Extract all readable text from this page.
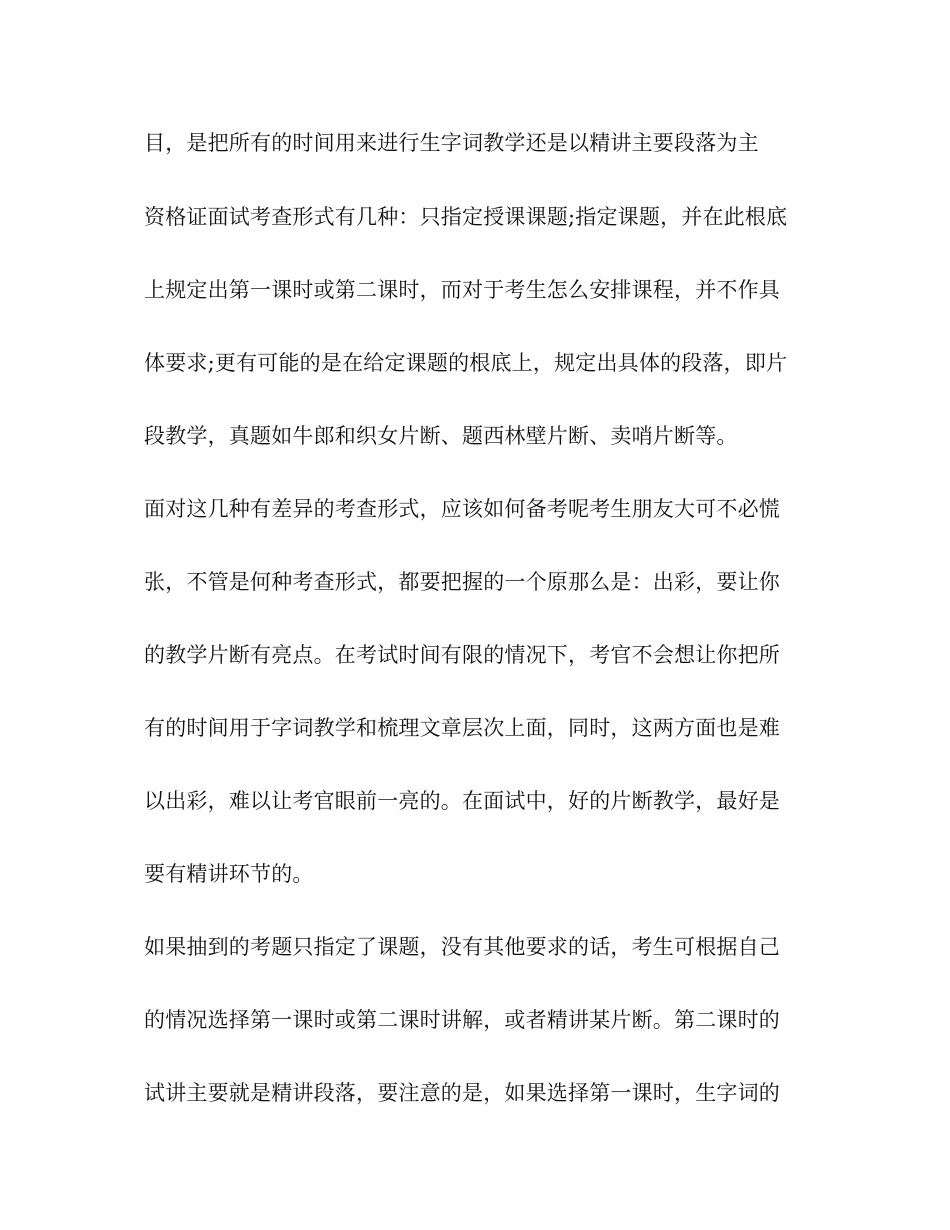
目，是把所有的时间用来进行生字词教学还是以精讲主要段落为主
资格证面试考查形式有几种：只指定授课课题;指定课题，并在此根底
上规定出第一课时或第二课时，而对于考生怎么安排课程，并不作具
体要求;更有可能的是在给定课题的根底上，规定出具体的段落，即片
段教学，真题如牛郎和织女片断、题西林壁片断、卖哨片断等。
面对这几种有差异的考查形式，应该如何备考呢考生朋友大可不必慌
张，不管是何种考查形式，都要把握的一个原那么是：出彩，要让你
的教学片断有亮点。在考试时间有限的情况下，考官不会想让你把所
有的时间用于字词教学和梳理文章层次上面，同时，这两方面也是难
以出彩，难以让考官眼前一亮的。在面试中，好的片断教学，最好是
要有精讲环节的。
如果抽到的考题只指定了课题，没有其他要求的话，考生可根据自己
的情况选择第一课时或第二课时讲解，或者精讲某片断。第二课时的
试讲主要就是精讲段落，要注意的是，如果选择第一课时，生字词的
